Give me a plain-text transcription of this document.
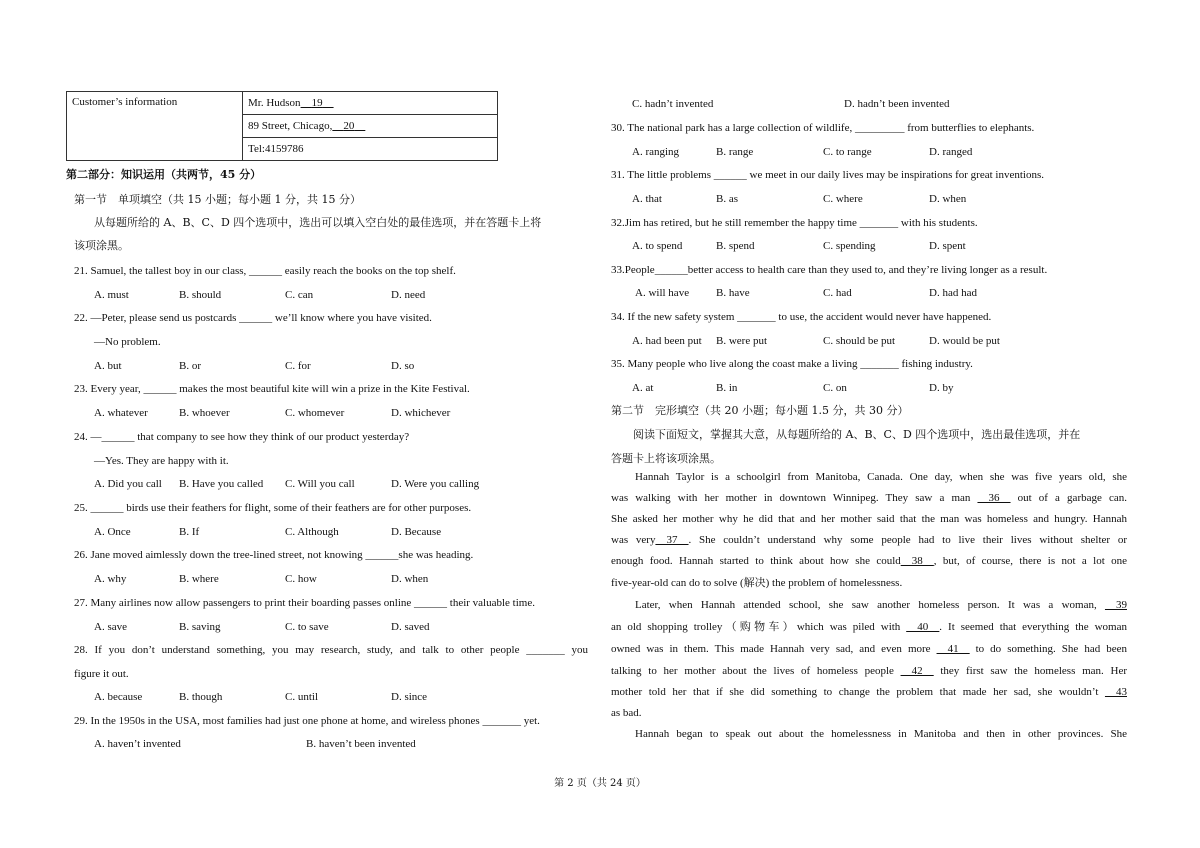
Customer’s information	Mr. Hudson 19
89 Street, Chicago, 20
Tel:4159786
第二部分：知识运用（共两节，45 分）
第一节　单项填空（共 15 小题；每小题 1 分，共 15 分）
从每题所给的 A、B、C、D 四个选项中，选出可以填入空白处的最佳选项，并在答题卡上将
该项涂黑。
21. Samuel, the tallest boy in our class, ______ easily reach the books on the top shelf.
A. must	B. should	C. can	D. need
22. —Peter, please send us postcards ______ we’ll know where you have visited.
—No problem.
A. but	B. or	C. for	D. so
23. Every year, ______ makes the most beautiful kite will win a prize in the Kite Festival.
A. whatever	B. whoever	C. whomever	D. whichever
24. —______ that company to see how they think of our product yesterday?
—Yes. They are happy with it.
A. Did you call B. Have you called C. Will you call	D. Were you calling
25. ______ birds use their feathers for flight, some of their feathers are for other purposes.
A. Once	B. If	C. Although	D. Because
26. Jane moved aimlessly down the tree-lined street, not knowing ______she was heading.
A. why	B. where	C. how	D. when
27. Many airlines now allow passengers to print their boarding passes online ______ their valuable time.
A. save	B. saving	C. to save	D. saved
28. If you don’t understand something, you may research, study, and talk to other people _______ you
figure it out.
A. because	B. though	C. until	D. since
29. In the 1950s in the USA, most families had just one phone at home, and wireless phones _______ yet.
A. haven’t invented	B. haven’t been invented
C. hadn’t invented	D. hadn’t been invented
30. The national park has a large collection of wildlife, _________ from butterflies to elephants.
A. ranging	B. range	C. to range	D. ranged
31. The little problems ______ we meet in our daily lives may be inspirations for great inventions.
A. that	B. as	C. where	D. when
32.Jim has retired, but he still remember the happy time _______ with his students.
A. to spend	B. spend	C. spending	D. spent
33.People______better access to health care than they used to, and they’re living longer as a result.
A. will have B. have	C. had	D. had had
34. If the new safety system _______ to use, the accident would never have happened.
A. had been put B. were put	C. should be put	D. would be put
35. Many people who live along the coast make a living _______ fishing industry.
A. at	B. in	C. on	D. by
第二节　完形填空（共 20 小题；每小题 1.5 分，共 30 分）
阅读下面短文，掌握其大意，从每题所给的 A、B、C、D 四个选项中，选出最佳选项，并在
答题卡上将该项涂黑。
Hannah Taylor is a schoolgirl from Manitoba, Canada. One day, when she was five years old, she
was walking with her mother in downtown Winnipeg. They saw a man __36__ out of a garbage can.
She asked her mother why he did that and her mother said that the man was homeless and hungry. Hannah
was very__37__. She couldn’t understand why some people had to live their lives without shelter or
enough food. Hannah started to think about how she could__38__, but, of course, there is not a lot one
five-year-old can do to solve (解决) the problem of homelessness.
Later, when Hannah attended school, she saw another homeless person. It was a woman, __39
an old shopping trolley（购物车）which was piled with __40__. It seemed that everything the woman
owned was in them. This made Hannah very sad, and even more __41__ to do something. She had been
talking to her mother about the lives of homeless people __42__ they first saw the homeless man. Her
mother told her that if she did something to change the problem that made her sad, she wouldn’t __43
as bad.
Hannah began to speak out about the homelessness in Manitoba and then in other provinces. She
第 2 页（共 24 页）
